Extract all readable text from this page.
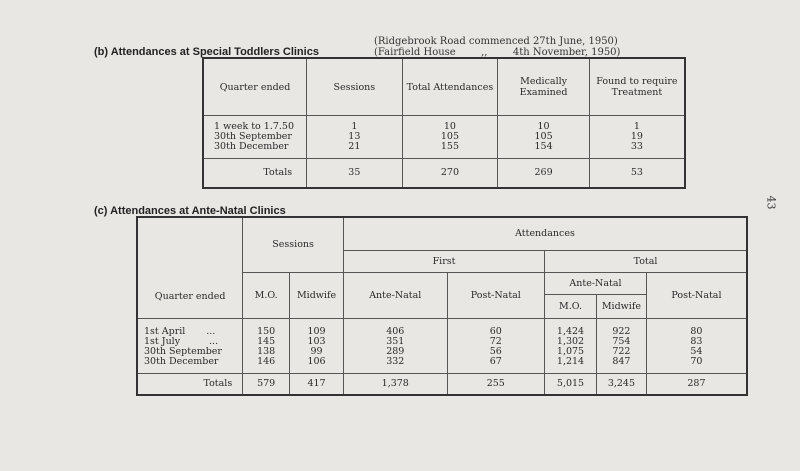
43
(b) Attendances at Special Toddlers Clinics
(Ridgebrook Road commenced 27th June, 1950)
(Fairfield House        ,,        4th November, 1950)
Quarter ended	Sessions	Total Attendances	Medically Examined	Found to require Treatment
1 week to 1.7.50	1	10	10	1
30th September	13	105	105	19
30th December	21	155	154	33
Totals	35	270	269	53
(c) Attendances at Ante-Natal Clinics
Quarter ended	Sessions		Attendances				
			First		Total		
	M.O.	Midwife	Ante-Natal	Post-Natal	Ante-Natal		Post-Natal
					M.O.	Midwife	
1st April ...	150	109	406	60	1,424	922	80
1st July ...	145	103	351	72	1,302	754	83
30th September	138	99	289	56	1,075	722	54
30th December	146	106	332	67	1,214	847	70
Totals	579	417	1,378	255	5,015	3,245	287
